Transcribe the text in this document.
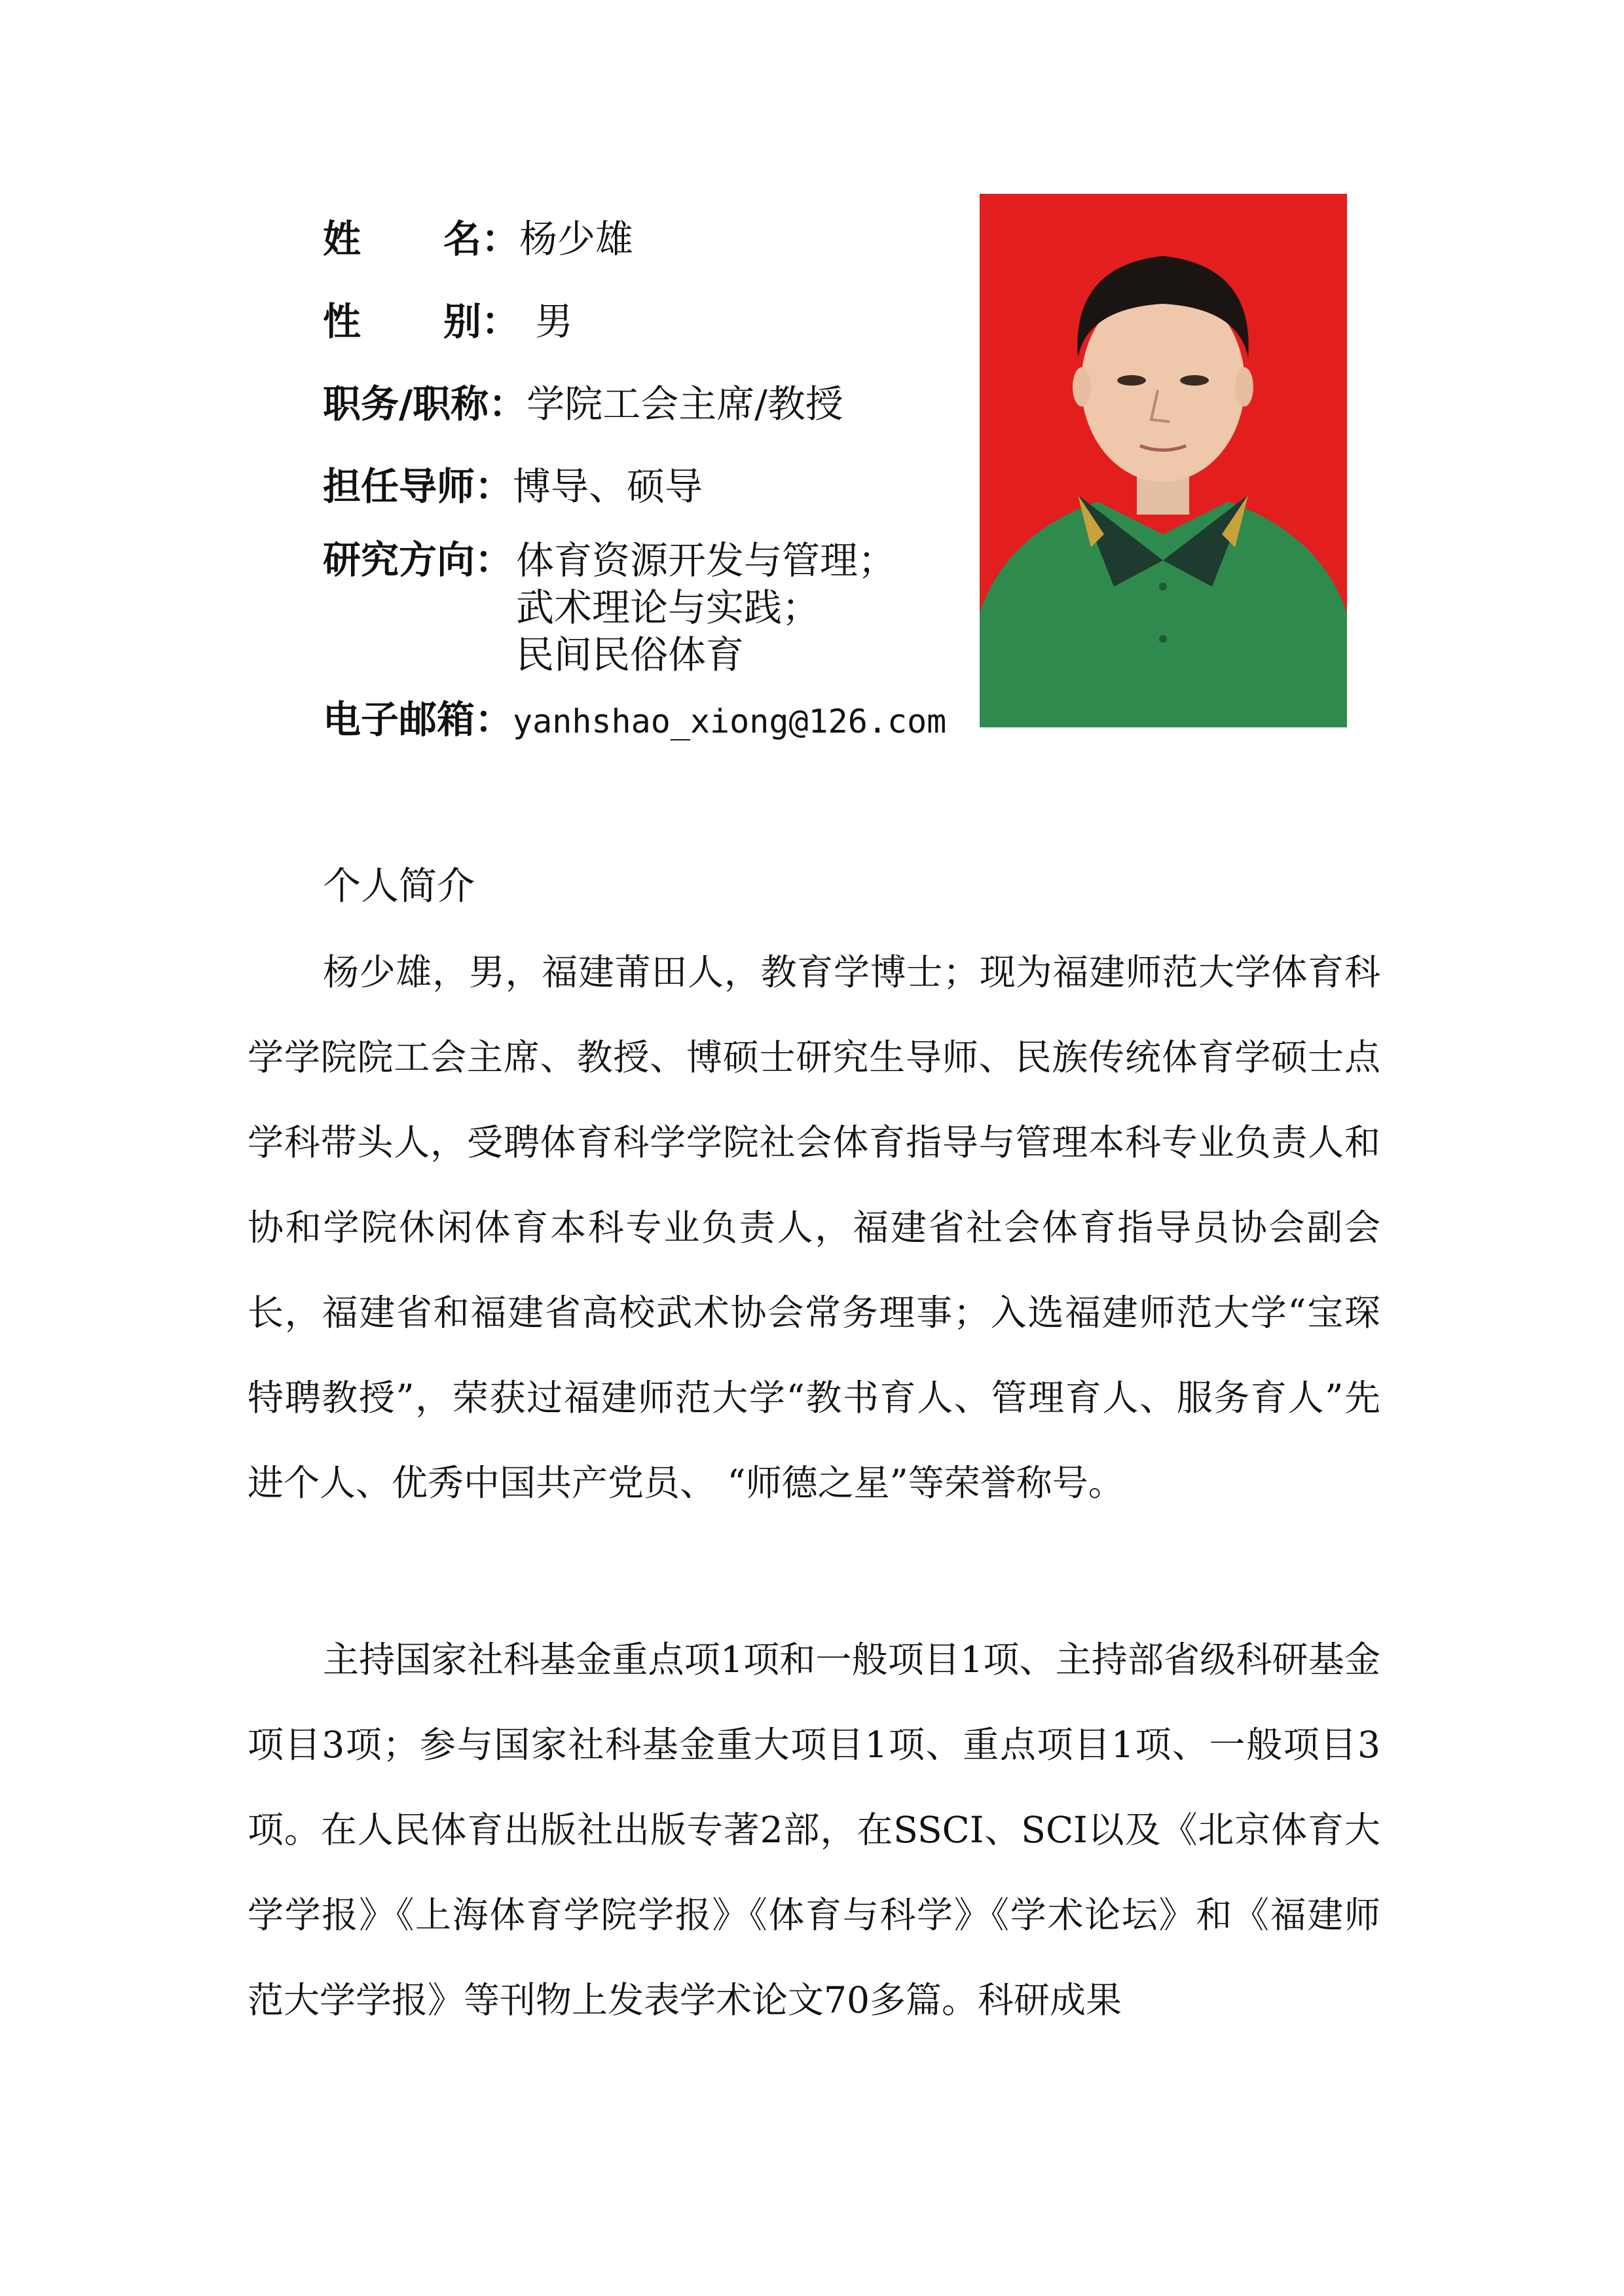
姓 名： 杨少雄
性 别： 男
职务/职称：学院工会主席/教授
担任导师：博导、硕导
研究方向： 体育资源开发与管理；
武术理论与实践；
民间民俗体育
电子邮箱：yanhshao_xiong@126.com
个人简介

杨少雄，男，福建莆田人，教育学博士；现为福建师范大学体育科学学院院工会主席、教授、博硕士研究生导师、民族传统体育学硕士点学科带头人，受聘体育科学学院社会体育指导与管理本科专业负责人和协和学院休闲体育本科专业负责人，福建省社会体育指导员协会副会长，福建省和福建省高校武术协会常务理事；入选福建师范大学“宝琛特聘教授”，荣获过福建师范大学“教书育人、管理育人、服务育人”先进个人、优秀中国共产党员、 “师德之星”等荣誉称号。

主持国家社科基金重点项1项和一般项目1项、主持部省级科研基金项目3项；参与国家社科基金重大项目1项、重点项目1项、一般项目3项。在人民体育出版社出版专著2部，在SSCI、SCI以及《北京体育大学学报》《上海体育学院学报》《体育与科学》《学术论坛》和《福建师范大学学报》等刊物上发表学术论文70多篇。科研成果
